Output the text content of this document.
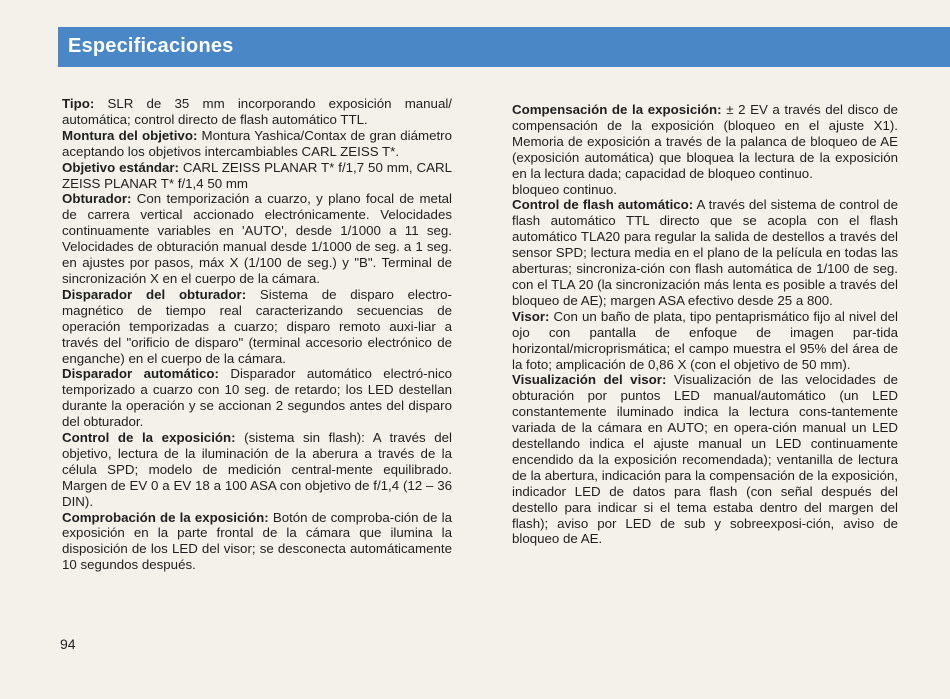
Especificaciones

Tipo: SLR de 35 mm incorporando exposición manual/ automática; control directo de flash automático TTL.

Montura del objetivo: Montura Yashica/Contax de gran diámetro aceptando los objetivos intercambiables CARL ZEISS T*.

Objetivo estándar: CARL ZEISS PLANAR T* f/1,7 50 mm, CARL ZEISS PLANAR T* f/1,4 50 mm

Obturador: Con temporización a cuarzo, y plano focal de metal de carrera vertical accionado electrónicamente. Velocidades continuamente variables en 'AUTO', desde 1/1000 a 11 seg. Velocidades de obturación manual desde 1/1000 de seg. a 1 seg. en ajustes por pasos, máx X (1/100 de seg.) y "B". Terminal de sincronización X en el cuerpo de la cámara.

Disparador del obturador: Sistema de disparo electro-magnético de tiempo real caracterizando secuencias de operación temporizadas a cuarzo; disparo remoto auxi-liar a través del "orificio de disparo" (terminal accesorio electrónico de enganche) en el cuerpo de la cámara.

Disparador automático: Disparador automático electró-nico temporizado a cuarzo con 10 seg. de retardo; los LED destellan durante la operación y se accionan 2 segundos antes del disparo del obturador.

Control de la exposición: (sistema sin flash): A través del objetivo, lectura de la iluminación de la aberura a través de la célula SPD; modelo de medición central-mente equilibrado. Margen de EV 0 a EV 18 a 100 ASA con objetivo de f/1,4 (12 – 36 DIN).

Comprobación de la exposición: Botón de comproba-ción de la exposición en la parte frontal de la cámara que ilumina la disposición de los LED del visor; se desconecta automáticamente 10 segundos después.

Compensación de la exposición: ± 2 EV a través del disco de compensación de la exposición (bloqueo en el ajuste X1). Memoria de exposición a través de la palanca de bloqueo de AE (exposición automática) que bloquea la lectura de la exposición en la lectura dada; capacidad de bloqueo continuo.

bloqueo continuo.

Control de flash automático: A través del sistema de control de flash automático TTL directo que se acopla con el flash automático TLA20 para regular la salida de destellos a través del sensor SPD; lectura media en el plano de la película en todas las aberturas; sincroniza-ción con flash automática de 1/100 de seg. con el TLA 20 (la sincronización más lenta es posible a través del bloqueo de AE); margen ASA efectivo desde 25 a 800.

Visor: Con un baño de plata, tipo pentaprismático fijo al nivel del ojo con pantalla de enfoque de imagen par-tida horizontal/microprismática; el campo muestra el 95% del área de la foto; amplicación de 0,86 X (con el objetivo de 50 mm).

Visualización del visor: Visualización de las velocidades de obturación por puntos LED manual/automático (un LED constantemente iluminado indica la lectura cons-tantemente variada de la cámara en AUTO; en opera-ción manual un LED destellando indica el ajuste manual un LED continuamente encendido da la exposición recomendada); ventanilla de lectura de la abertura, indicación para la compensación de la exposición, indicador LED de datos para flash (con señal después del destello para indicar si el tema estaba dentro del margen del flash); aviso por LED de sub y sobreexposi-ción, aviso de bloqueo de AE.

94
